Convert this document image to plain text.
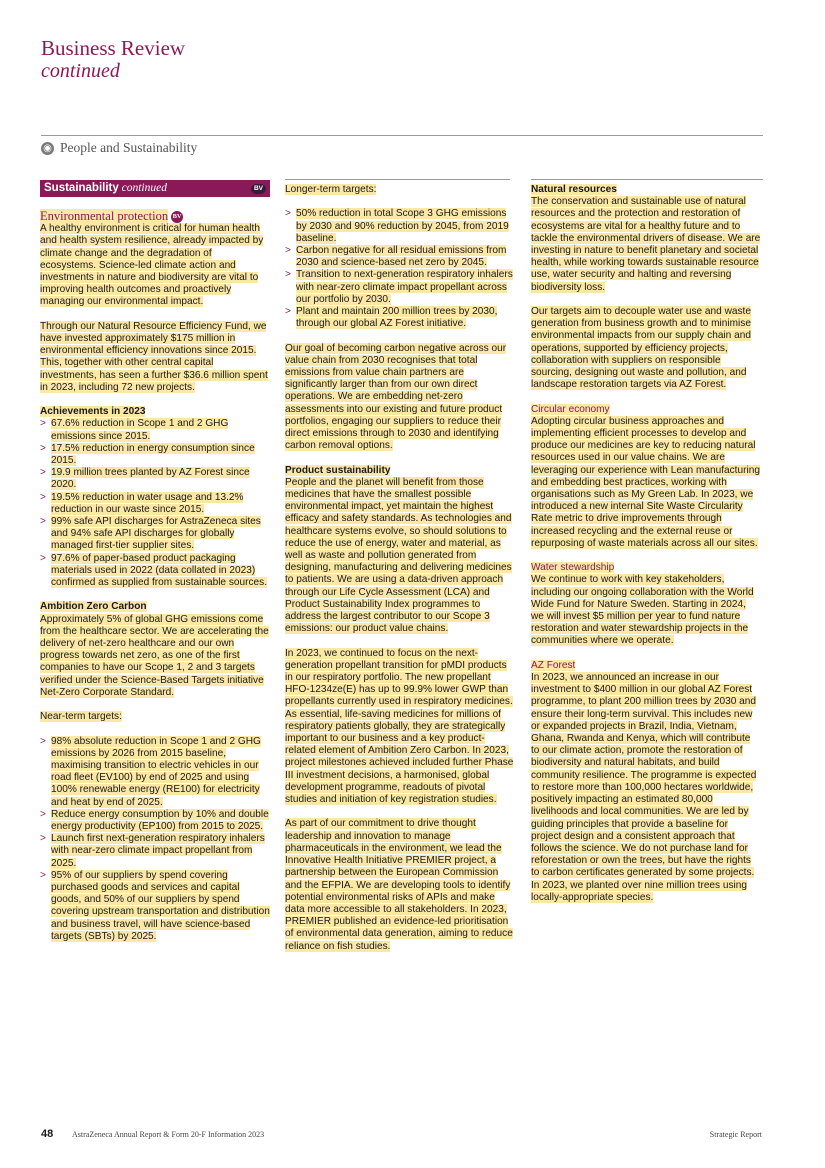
Business Review
continued
◉ People and Sustainability
Sustainability continued	BV
Environmental protection BV

A healthy environment is critical for human health and health system resilience, already impacted by climate change and the degradation of ecosystems. Science-led climate action and investments in nature and biodiversity are vital to improving health outcomes and proactively managing our environmental impact.

Through our Natural Resource Efficiency Fund, we have invested approximately $175 million in environmental efficiency innovations since 2015. This, together with other central capital investments, has seen a further $36.6 million spent in 2023, including 72 new projects.

Achievements in 2023
> 67.6% reduction in Scope 1 and 2 GHG emissions since 2015.
> 17.5% reduction in energy consumption since 2015.
> 19.9 million trees planted by AZ Forest since 2020.
> 19.5% reduction in water usage and 13.2% reduction in our waste since 2015.
> 99% safe API discharges for AstraZeneca sites and 94% safe API discharges for globally managed first-tier supplier sites.
> 97.6% of paper-based product packaging materials used in 2022 (data collated in 2023) confirmed as supplied from sustainable sources.
Ambition Zero Carbon

Approximately 5% of global GHG emissions come from the healthcare sector. We are accelerating the delivery of net-zero healthcare and our own progress towards net zero, as one of the first companies to have our Scope 1, 2 and 3 targets verified under the Science-Based Targets initiative Net-Zero Corporate Standard.

Near-term targets:

> 98% absolute reduction in Scope 1 and 2 GHG emissions by 2026 from 2015 baseline, maximising transition to electric vehicles in our road fleet (EV100) by end of 2025 and using 100% renewable energy (RE100) for electricity and heat by end of 2025.
> Reduce energy consumption by 10% and double energy productivity (EP100) from 2015 to 2025.
> Launch first next-generation respiratory inhalers with near-zero climate impact propellant from 2025.
> 95% of our suppliers by spend covering purchased goods and services and capital goods, and 50% of our suppliers by spend covering upstream transportation and distribution and business travel, will have science-based targets (SBTs) by 2025.

Longer-term targets:

> 50% reduction in total Scope 3 GHG emissions by 2030 and 90% reduction by 2045, from 2019 baseline.
> Carbon negative for all residual emissions from 2030 and science-based net zero by 2045.
> Transition to next-generation respiratory inhalers with near-zero climate impact propellant across our portfolio by 2030.
> Plant and maintain 200 million trees by 2030, through our global AZ Forest initiative.

Our goal of becoming carbon negative across our value chain from 2030 recognises that total emissions from value chain partners are significantly larger than from our own direct operations. We are embedding net-zero assessments into our existing and future product portfolios, engaging our suppliers to reduce their direct emissions through to 2030 and identifying carbon removal options.

Product sustainability

People and the planet will benefit from those medicines that have the smallest possible environmental impact, yet maintain the highest efficacy and safety standards. As technologies and healthcare systems evolve, so should solutions to reduce the use of energy, water and material, as well as waste and pollution generated from designing, manufacturing and delivering medicines to patients. We are using a data-driven approach through our Life Cycle Assessment (LCA) and Product Sustainability Index programmes to address the largest contributor to our Scope 3 emissions: our product value chains.

In 2023, we continued to focus on the next-generation propellant transition for pMDI products in our respiratory portfolio. The new propellant HFO-1234ze(E) has up to 99.9% lower GWP than propellants currently used in respiratory medicines. As essential, life-saving medicines for millions of respiratory patients globally, they are strategically important to our business and a key product-related element of Ambition Zero Carbon. In 2023, project milestones achieved included further Phase III investment decisions, a harmonised, global development programme, readouts of pivotal studies and initiation of key registration studies.

As part of our commitment to drive thought leadership and innovation to manage pharmaceuticals in the environment, we lead the Innovative Health Initiative PREMIER project, a partnership between the European Commission and the EFPIA. We are developing tools to identify potential environmental risks of APIs and make data more accessible to all stakeholders. In 2023, PREMIER published an evidence-led prioritisation of environmental data generation, aiming to reduce reliance on fish studies.

Natural resources

The conservation and sustainable use of natural resources and the protection and restoration of ecosystems are vital for a healthy future and to tackle the environmental drivers of disease. We are investing in nature to benefit planetary and societal health, while working towards sustainable resource use, water security and halting and reversing biodiversity loss.

Our targets aim to decouple water use and waste generation from business growth and to minimise environmental impacts from our supply chain and operations, supported by efficiency projects, collaboration with suppliers on responsible sourcing, designing out waste and pollution, and landscape restoration targets via AZ Forest.

Circular economy

Adopting circular business approaches and implementing efficient processes to develop and produce our medicines are key to reducing natural resources used in our value chains. We are leveraging our experience with Lean manufacturing and embedding best practices, working with organisations such as My Green Lab. In 2023, we introduced a new internal Site Waste Circularity Rate metric to drive improvements through increased recycling and the external reuse or repurposing of waste materials across all our sites.

Water stewardship

We continue to work with key stakeholders, including our ongoing collaboration with the World Wide Fund for Nature Sweden. Starting in 2024, we will invest $5 million per year to fund nature restoration and water stewardship projects in the communities where we operate.

AZ Forest

In 2023, we announced an increase in our investment to $400 million in our global AZ Forest programme, to plant 200 million trees by 2030 and ensure their long-term survival. This includes new or expanded projects in Brazil, India, Vietnam, Ghana, Rwanda and Kenya, which will contribute to our climate action, promote the restoration of biodiversity and natural habitats, and build community resilience. The programme is expected to restore more than 100,000 hectares worldwide, positively impacting an estimated 80,000 livelihoods and local communities. We are led by guiding principles that provide a baseline for project design and a consistent approach that follows the science. We do not purchase land for reforestation or own the trees, but have the rights to carbon certificates generated by some projects. In 2023, we planted over nine million trees using locally-appropriate species.

48 AstraZeneca Annual Report & Form 20-F Information 2023	Strategic Report
